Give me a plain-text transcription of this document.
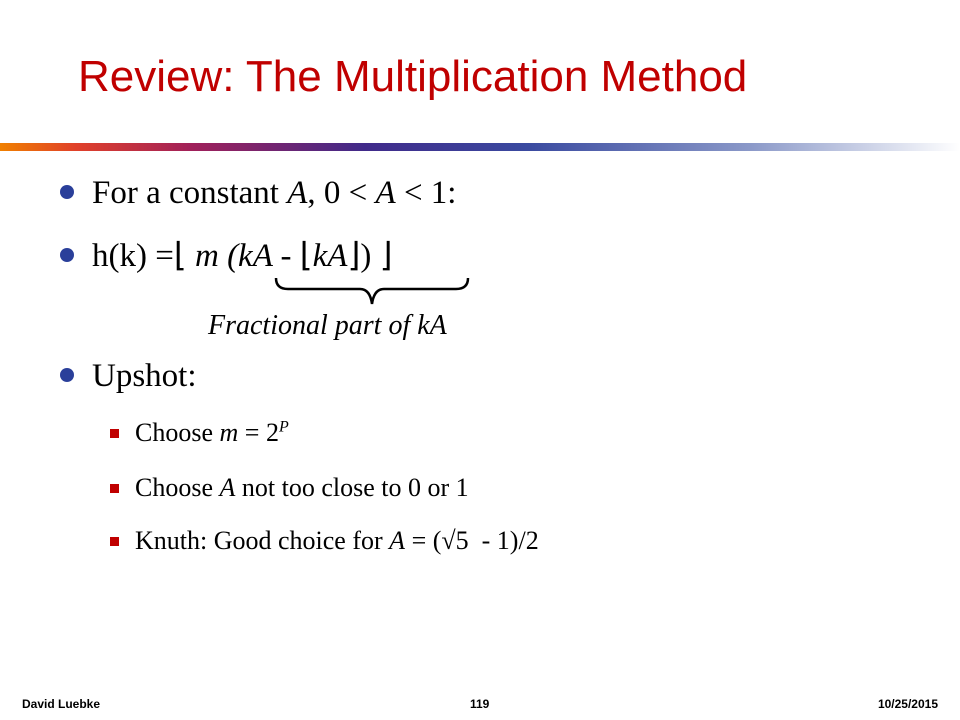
Review: The Multiplication Method
For a constant A, 0 < A < 1:
h(k) =⌊ m (kA - ⌊kA⌋) ⌋
Fractional part of kA
Upshot:
Choose $m = 2^P$
Choose A not too close to 0 or 1
Knuth: Good choice for A = (√5  - 1)/2
David Luebke	119	10/25/2015
